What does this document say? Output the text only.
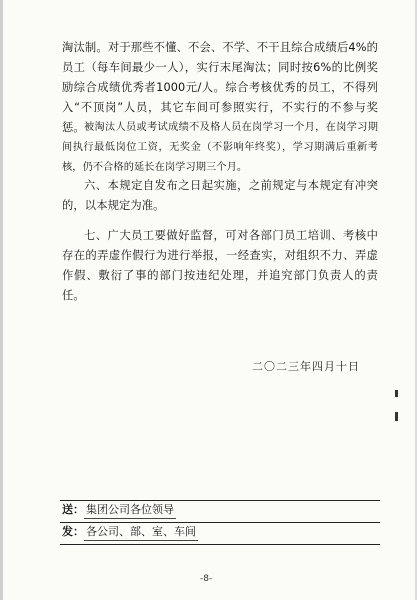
淘汰制。对于那些不懂、不会、不学、不干且综合成绩后4%的员工（每车间最少一人），实行末尾淘汰；同时按6%的比例奖励综合成绩优秀者1000元/人。综合考核优秀的员工，不得列入“不顶岗”人员，其它车间可参照实行，不实行的不参与奖惩。 被淘汰人员或考试成绩不及格人员在岗学习一个月，在岗学习期间执行最低岗位工资，无奖金（不影响年终奖），学习期满后重新考核，仍不合格的延长在岗学习期三个月。

六、本规定自发布之日起实施，之前规定与本规定有冲突的，以本规定为准。

七、广大员工要做好监督，可对各部门员工培训、考核中存在的弄虚作假行为进行举报，一经查实，对组织不力、弄虚作假、敷衍了事的部门按违纪处理，并追究部门负责人的责任。

二〇二三年四月十日
送： 集团公司各位领导
发： 各公司、部、室、车间
-8-
